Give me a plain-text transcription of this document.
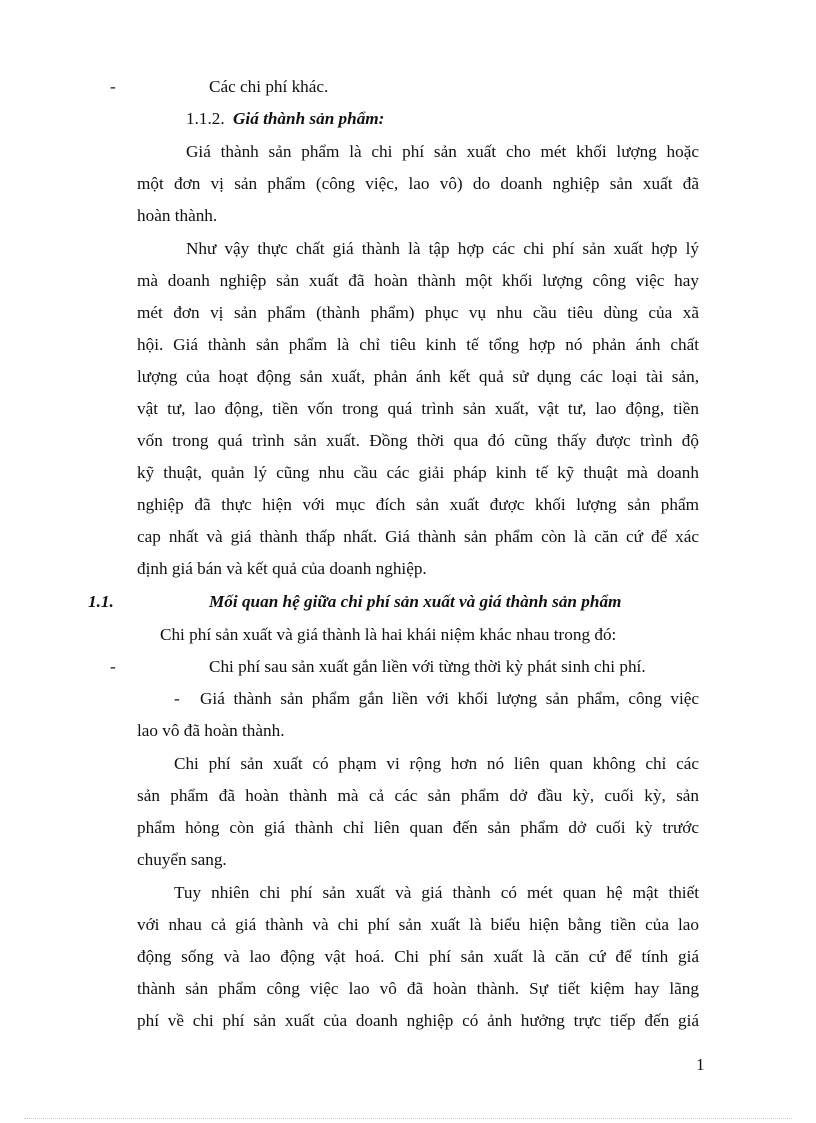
-	Các chi phí khác.
1.1.2. Giá thành sản phẩm:
Giá thành sản phẩm là chi phí sản xuất cho mét khối lượng hoặc
một đơn vị sản phẩm (công việc, lao vô) do doanh nghiệp sản xuất đã
hoàn thành.
Như vậy thực chất giá thành là tập hợp các chi phí sản xuất hợp lý
mà doanh nghiệp sản xuất đã hoàn thành một khối lượng công việc hay
mét đơn vị sản phẩm (thành phẩm) phục vụ nhu cầu tiêu dùng của xã
hội. Giá thành sản phẩm là chỉ tiêu kinh tế tổng hợp nó phản ánh chất
lượng của hoạt động sản xuất, phản ánh kết quả sử dụng các loại tài sản,
vật tư, lao động, tiền vốn trong quá trình sản xuất, vật tư, lao động, tiền
vốn trong quá trình sản xuất. Đồng thời qua đó cũng thấy được trình độ
kỹ thuật, quản lý cũng nhu cầu các giải pháp kinh tế kỹ thuật mà doanh
nghiệp đã thực hiện với mục đích sản xuất được khối lượng sản phẩm
cap nhất và giá thành thấp nhất. Giá thành sản phẩm còn là căn cứ để xác
định giá bán và kết quả của doanh nghiệp.
1.1.	Mối quan hệ giữa chi phí sản xuất và giá thành sản phẩm
Chi phí sản xuất và giá thành là hai khái niệm khác nhau trong đó:
-	Chi phí sau sản xuất gắn liền với từng thời kỳ phát sinh chi phí.
- Giá thành sản phẩm gắn liền với khối lượng sản phẩm, công việc
lao vô đã hoàn thành.
Chi phí sản xuất có phạm vi rộng hơn nó liên quan không chỉ các
sản phẩm đã hoàn thành mà cả các sản phẩm dở đầu kỳ, cuối kỳ, sản
phẩm hỏng còn giá thành chỉ liên quan đến sản phẩm dở cuối kỳ trước
chuyển sang.
Tuy nhiên chi phí sản xuất và giá thành có mét quan hệ mật thiết
với nhau cả giá thành và chi phí sản xuất là biểu hiện bằng tiền của lao
động sống và lao động vật hoá. Chi phí sản xuất là căn cứ để tính giá
thành sản phẩm công việc lao vô đã hoàn thành. Sự tiết kiệm hay lãng
phí về chi phí sản xuất của doanh nghiệp có ảnh hưởng trực tiếp đến giá
1
